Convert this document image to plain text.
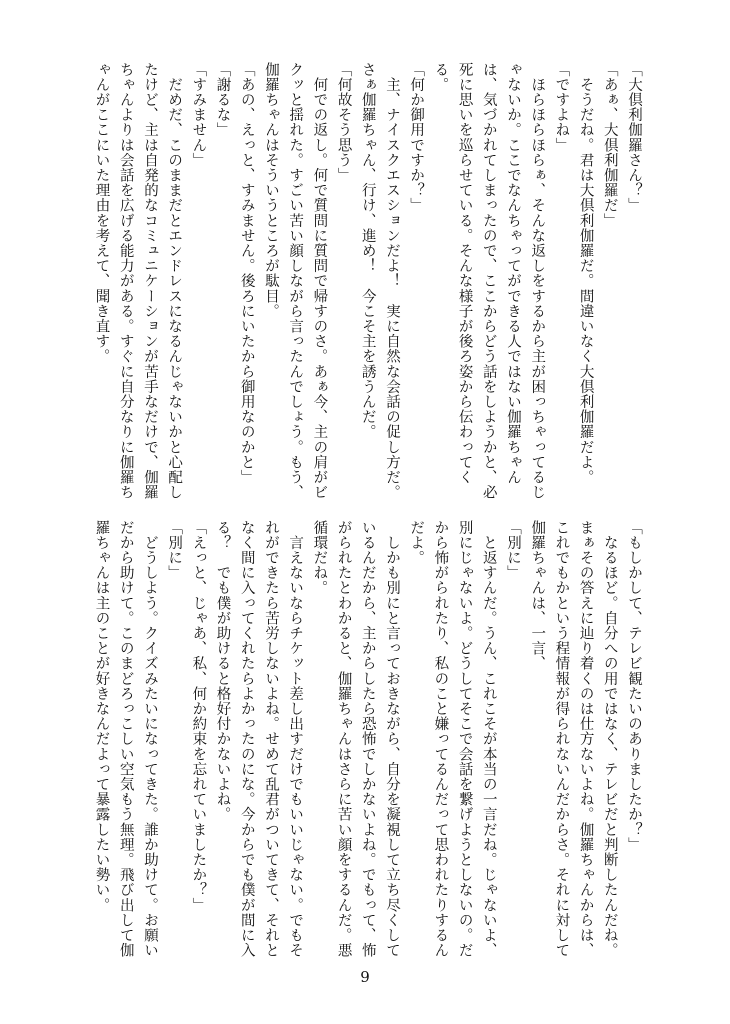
「大倶利伽羅さん？」

「あぁ、大倶利伽羅だ」

　そうだね。君は大倶利伽羅だ。間違いなく大倶利伽羅だよ。

「ですよね」

　ほらほらほらぁ、そんな返しをするから主が困っちゃってるじゃないか。ここでなんちゃってができる人ではない伽羅ちゃんは、気づかれてしまったので、ここからどう話をしようかと、必死に思いを巡らせている。そんな様子が後ろ姿から伝わってくる。

「何か御用ですか？」

　主、ナイスクエスションだよ！　実に自然な会話の促し方だ。さぁ伽羅ちゃん、行け、進め！　今こそ主を誘うんだ。

「何故そう思う」

　何での返し。何で質問に質問で帰すのさ。あぁ今、主の肩がビクッと揺れた。すごい苦い顔しながら言ったんでしょう。もう、伽羅ちゃんはそういうところが駄目。

「あの、えっと、すみません。後ろにいたから御用なのかと」

「謝るな」

「すみません」

　だめだ、このままだとエンドレスになるんじゃないかと心配したけど、主は自発的なコミュニケーションが苦手なだけで、伽羅ちゃんよりは会話を広げる能力がある。すぐに自分なりに伽羅ちゃんがここにいた理由を考えて、聞き直す。

「もしかして、テレビ観たいのありましたか？」

　なるほど。自分への用ではなく、テレビだと判断したんだね。まぁその答えに辿り着くのは仕方ないよね。伽羅ちゃんからは、これでもかという程情報が得られないんだからさ。それに対して伽羅ちゃんは、一言、

「別に」

　と返すんだ。うん、これこそが本当の一言だね。じゃないよ、別にじゃないよ。どうしてそこで会話を繋げようとしないの。だから怖がられたり、私のこと嫌ってるんだって思われたりするんだよ。

　しかも別にと言っておきながら、自分を凝視して立ち尽くしているんだから、主からしたら恐怖でしかないよね。でもって、怖がられたとわかると、伽羅ちゃんはさらに苦い顔をするんだ。悪循環だね。

　言えないならチケット差し出すだけでもいいじゃない。でもそれができたら苦労しないよね。せめて乱君がついてきて、それとなく間に入ってくれたらよかったのにな。今からでも僕が間に入る？　でも僕が助けると格好付かないよね。

「えっと、じゃあ、私、何か約束を忘れていましたか？」

「別に」

　どうしよう。クイズみたいになってきた。誰か助けて。お願いだから助けて。このまどろっこしい空気もう無理。飛び出して伽羅ちゃんは主のことが好きなんだよって暴露したい勢い。

9
